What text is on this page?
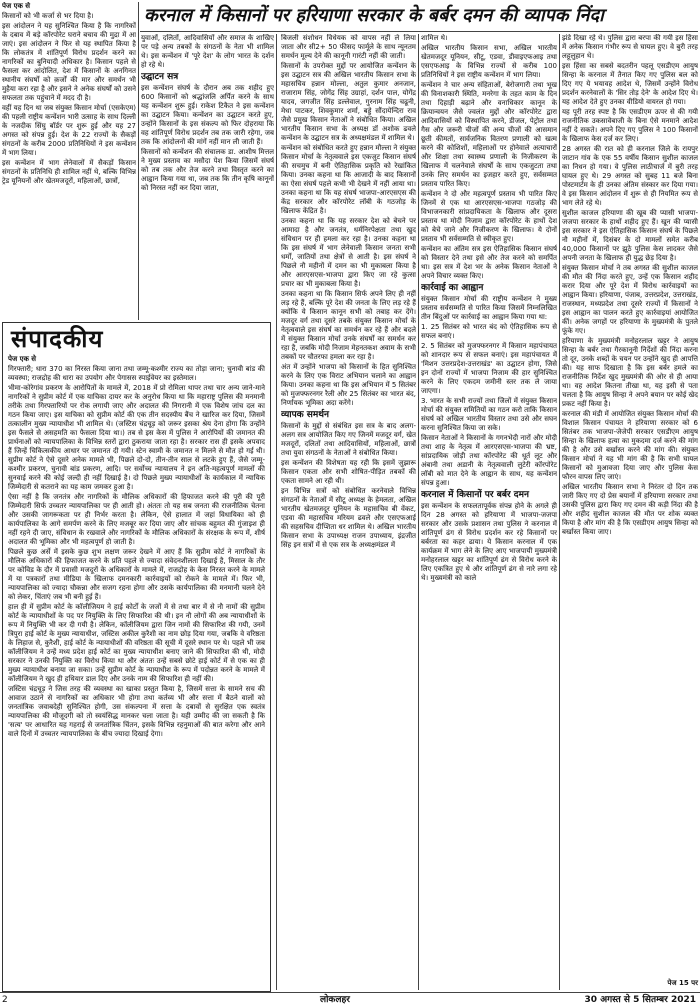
करनाल में किसानों पर हरियाणा सरकार के बर्बर दमन की व्यापक निंदा

पेज एक से

किसानों को भी कर्जा से भर दिया है।

इस आंदोलन ने यह सुनिश्चित किया है कि नागरिकों के दबाव में बड़े कॉरपोरेट घराने बचाव की मुद्रा में आ जाएं। इस आंदोलन ने फिर से यह स्थापित किया है कि लोकतंत्र में शांतिपूर्ण विरोध प्रदर्शन करने का नागरिकों का बुनियादी अधिकार है। किसान पहले से फैसला कर आंदोलित, देश में किसानों के अनगिनत स्थानीय संघर्षों को क़र्जों की मार और समर्थन भी मुहैया करा रहा है और इसने ने अनेक संघर्षों को उसने सफलता तक पहुंचाने में मदद दी है।

वहीं यह दिन था जब संयुक्त किसान मोर्चा (एसकेएम) की पहली राष्ट्रीय कन्वेंशन भारी उत्साह के साथ दिल्ली के नजदीक सिंघु बॉर्डर पर शुरू हुई और यह 27 अगस्त को संपन्न हुई। देश के 22 राज्यों के सैकड़ों संगठनों के करीब 2000 प्रतिनिधियों ने इस कन्वेंशन में भाग लिया।

इस कन्वेंशन में भाग लेनेवालों में सैकड़ों किसान संगठनों के प्रतिनिधि ही शामिल नहीं थे, बल्कि विभिन्न ट्रेड यूनियनों और खेतमजदूरों, महिलाओं, छात्रों,

युवाओं, दलितों, आदिवासियों और समाज के शाखिए पर पड़े अन्य तबकों के संगठनों के नेता भी शामिल थे। इस कन्वेंशन में 'पूरे देश' के लोग भारत के दर्शन हो रहे थे।

उद्घाटन सत्र

इस कन्वेंशन संघर्ष के दौरान अब तक शहीद हुए 600 किसानों को श्रद्धांजलि अर्पित करने के साथ यह कन्वेंशन शुरू हुई। राकेश टिकैत ने इस कन्वेंशन का उद्घाटन किया। कन्वेंशन का उद्घाटन करते हुए, उन्होंने किसानों के इस संकल्प को फिर दोहराया कि वह शांतिपूर्ण विरोध प्रदर्शन तब तक जारी रहेगा, जब तक कि आंदोलनों की मांगें नहीं मान ली जाती हैं।

किसानों को कन्वेंशन की संचालक डा. आशीष मित्तल ने मुख्य प्रस्ताव का मसौदा पेश किया जिसमें संघर्ष को तब तक और तेज करने तथा विस्तृत करने का आह्वान किया गया था, जब तक कि तीन कृषि कानूनों को निरस्त नहीं कर दिया जाता,

संपादकीय

पेज एक से

गिरफ्तारी; धारा 370 का निरस्त किया जाना तथा जम्मू-कश्मीर राज्य का तोड़ा जाना; चुनावी बांड की व्यवस्था; राजद्रोह की धारा का उपयोग और पेगासस स्पाईवेयर का इस्तेमाल।

भीमा-कोरेगांव प्रकरण के आरोपितों के मामले में, 2018 में प्रो रोमिला थापर तथा चार अन्य जाने-माने नागरिकों ने सुप्रीम कोर्ट में एक याचिका दायर कर के अनुरोध किया था कि महाराष्ट्र पुलिस की मनमानी तरीके तथा गिरफ्तारियों पर रोक लगायी जाए और अदालत की निगरानी में एक विशेष जांच दल का गठन किया जाए। इस याचिका को सुप्रीम कोर्ट की एक तीन सदस्यीय बैंच ने खारिज कर दिया, जिसमें तत्कालीन मुख्य न्यायाधीश भी शामिल थे। (जस्टिस चंद्रचूड़ को जरूर इसका श्रेय देना होगा कि उन्होंने इस फैसले से असहमति का फैसला दिया था।) तब से इस केस में पुलिस ने आरोपियों की जमानत की प्रार्थनाओं को न्यायपालिका के विभिन्न स्तरों द्वारा ठुकराया जाता रहा है। सरकार रास ही इसके अपवाद हैं जिन्हें चिकित्सकीय आधार पर जमानत दी गयी। स्टेन स्वामी के जमानत न मिलने से मौत हो गई थी। सुप्रीम कोर्ट ने ऐसे दूसरे अनेक मामले भी, पिछले दो-दो, तीन-तीन साल से लटके हुए हैं, जैसे जम्मू-कश्मीर प्रकरण, चुनावी बांड प्रकरण, आदि। पर सर्वोच्च न्यायालय ने इन अति-महत्वपूर्ण मामलों की सुनवाई करने की कोई जल्दी ही नहीं दिखाई है। दो पिछले मुख्य न्यायाधीशों के कार्यकाल में न्यायिक जिम्मेदारी से कतराने का यह काम जमकर हुआ है।

ऐसा नहीं है कि जनतंत्र और नागरिकों के मौलिक अधिकारों की हिफाजत करने की पूरी की पूरी जिम्मेदारी सिर्फ उच्चतर न्यायपालिका पर ही आती हो। अंततः तो यह सब जनता की राजनीतिक चेतना और उसकी जागरूकता पर ही निर्भर करता है। लेकिन, ऐसे हालात में जहां विधायिका को ही कार्यपालिका के आगे समर्पण करने के लिए मजबूर कर दिया जाए और सांचक बहुमत की गुंजाइश ही नहीं रहने दी जाए, संविधान के रखवाले और नागरिकों के मौलिक अधिकारों के संरक्षक के रूप में, शीर्ष अदालत की भूमिका और भी महत्वपूर्ण हो जाती है।

पिछले कुछ अर्से में इसके कुछ शुभ लक्षण जरूर देखने में आए हैं कि सुप्रीम कोर्ट ने नागरिकों के मौलिक अधिकारों की हिफाजत करने के प्रति पहले से ज्यादा संवेदनशीलता दिखाई है, मिसाल के तौर पर कोविड के दौर में प्रवासी मजदूरों के अधिकारों के मामले में, राजद्रोह के केस निरस्त करने के मामले में या पत्रकारों तथा मीडिया के खिलाफ दमनकारी कार्रवाइयों को रोकने के मामले में। फिर भी, न्यायपालिका को ज्यादा चौकन्ना और सजग रहना होगा और उसके कार्यपालिका की मनमानी चलने देने को लेकर, चिंताएं जब भी बनी हुई हैं।

हाल ही में सुप्रीम कोर्ट के कॉलीजियम ने हाई कोर्टों के जजों में से तथा बार में से नौ नामों की सुप्रीम कोर्ट के न्यायाधीशों के पद पर नियुक्ति के लिए सिफारिश की थी। इन नौ लोगों की अब न्यायाधीशों के रूप में नियुक्ति भी कर दी गयी है। लेकिन, कॉलीजियम द्वारा जिन नामों की सिफारिश की गयी, उनमें त्रिपुरा हाई कोर्ट के मुख्य न्यायाधीश, जस्टिस अकील कुरैशी का नाम छोड़ दिया गया, जबकि वे वरिष्ठता के लिहाज से, कुरैशी, हाई कोर्ट के न्यायाधीशों की वरिष्ठता की सूची में दूसरे स्थान पर थे। पहले भी जब कॉलीजियम ने उन्हें मध्य प्रदेश हाई कोर्ट का मुख्य न्यायाधीश बनाए जाने की सिफारिश की थी, मोदी सरकार ने उनकी नियुक्ति का विरोध किया था और अंततः उन्हें सबसे छोटे हाई कोर्ट में से एक का ही मुख्य न्यायाधीश बनाया जा सका। उन्हें सुप्रीम कोर्ट के न्यायाधीश के रूप में पदोन्नत करने के मामले में कॉलीजियम ने खुद ही हथियार डाल दिए और उनके नाम की सिफारिश ही नहीं की।

जस्टिस चंद्रचूड़ ने जिस तरह की व्यवस्था का खाका प्रस्तुत किया है, जिसमें सत्ता के सामने सच की आवाज उठाने से नागरिकों का अधिकार भी होगा तथा कर्तव्य भी और सत्ता में बैठने वालों को जनतांत्रिक जवाबदेही सुनिश्चित होगी, उस संकल्पना में सत्ता के दबावों से सुरक्षित एक स्वतंत्र न्यायपालिका की मौजूदगी को तो स्वयंसिद्ध मानकर चला जाता है। यही उम्मीद की जा सकती है कि 'सत्य' पर आधारित यह गहराई से जनतांत्रिक चिंतन, इसके विभिन्न रहनुमाओं की बात करेगा और आने वाले दिनों में उच्चतर न्यायपालिका के बीच ज्यादा दिखाई देगा।

बिजली संशोधन विधेयक को वापस नहीं ले लिया जाता और सी2+ 50 फीसद फार्मूले के साथ न्यूनतम समर्थन मूल्य देने की कानूनी गारंटी नहीं की जाती।

किसानों के उपरोक्त मुद्दों पर आयोजित कन्वेंशन के इस उद्घाटन सत्र की अखिल भारतीय किसान सभा के महासचिव हन्नान मोल्ला, अतुल कुमार अनजान, राजाराम सिंह, जोगेंद्र सिंह उग्राहां, दर्शन पाल, योगेंद्र यादव, जगजीत सिंह डल्लेवाल, गुरनाम सिंह चढूनी, मेधा पाटकर, शिवकुमार शर्मा, बड्डे सौंदायेन्दिरा राव जैसे प्रमुख किसान नेताओं ने संबोधित किया। अखिल भारतीय किसान सभा के अध्यक्ष डॉ अशोक ढवले कन्वेंशन के उद्घाटन सत्र के अध्यक्षमंडल में शामिल थे।

कन्वेंशन को संबोधित करते हुए हन्नान मौल्ला ने संयुक्त किसान मोर्चा के नेतृत्ववाले इस एकजुट किसान संघर्ष की सचमुच में बनी ऐतिहासिक प्रकृति को रेखांकित किया। उनका कहना था कि आजादी के बाद किसानों का ऐसा संघर्ष पहले कभी भी देखने में नहीं आया था। उनका कहना था कि यह संघर्ष भाजपा-आरएसएस की केंद्र सरकार और कॉरपोरेट लॉबी के गठजोड़ के खिलाफ केंद्रित है।

उनका कहना था कि यह सरकार देश को बेचने पर आमादा है और जनतंत्र, धर्मनिरपेक्षता तथा खुद संविधान पर ही हमला कर रहा है। उनका कहना था कि इस संघर्ष में भाग लेनेवाली किसान जनता सभी धर्मों, जातियों तथा क्षेत्रों से आती है। इस संघर्ष ने पिछले नौ महीनों में दमन का भी मुकाबला किया है और आरएसएस-भाजपा द्वारा किए जा रहे कुत्सा प्रचार का भी मुकाबला किया है।

उनका कहना था कि किसान सिर्फ अपने लिए ही नहीं लड़ रहे हैं, बल्कि पूरे देश की जनता के लिए लड़ रहे हैं क्योंकि ये किसान कानून सभी को तबाह कर देंगे। मजदूर वर्ग तथा दूसरे तबके संयुक्त किसान मोर्चा के नेतृत्ववाले इस संघर्ष का समर्थन कर रहे हैं और बदले में संयुक्त किसान मोर्चा उनके संघर्षों का समर्थन कर रहा है, जबकि मोदी निजाम मेहनतकश अवाम के सभी तबकों पर चौतरफा हमला कर रहा है।

अंत में उन्होंने भाजपा को किसानों के हित सुनिश्चित करने के लिए एक विराट अभियान चलाने का आह्वान किया। उनका कहना था कि इस अभियान में 5 सितंबर को मुजफ्फरनगर रैली और 25 सितंबर का भारत बंद, निर्णायक भूमिका अदा करेंगे।

व्यापक समर्थन

किसानों के मुद्दों से संबंधित इस सत्र के बाद अलग-अलग सत्र आयोजित किए गए जिनमें मजदूर वर्ग, खेत मजदूरों, दलितों तथा आदिवासियों, महिलाओं, छात्रों तथा युवा संगठनों के नेताओं ने संबोधित किया।

इस कन्वेंशन की विशेषता यह रही कि इसमें जुझारू किसान एकता और सभी शोषित-पीड़ित तबकों की एकता सामने आ रही थी।

इन विभिन्न सत्रों को संबोधित करनेवाले विभिन्न संगठनों के नेताओं में सीटू अध्यक्ष के हेमलता, अखिल भारतीय खेतमजदूर यूनियन के महासचिव बी वेंकट, एडवा की महासचिव मरियम ढवले और एसएफआई की सहसचिव दीप्शिता धर शामिल थे। अखिल भारतीय किसान सभा के उपाध्यक्ष राजन उपाध्याय, इंद्रजीत सिंह इन सत्रों में से एक सत्र के अध्यक्षमंडल में

शामिल थे।

अखिल भारतीय किसान सभा, अखिल भारतीय खेतमजदूर यूनियन, सीटू, एडवा, डीवाइएफआइ तथा एसएफआइ के विभिन्न राज्यों से करीब 100 प्रतिनिधियों ने इस राष्ट्रीय कन्वेंशन में भाग लिया।

कन्वेंशन ने चार अन्य संहिताओं, बेरोजगारी तथा भूख की विनाशकारी स्थिति, मनरेगा के तहत काम के दिन तथा दिहाड़ी बढ़ाने और वनाधिकार कानून के क्रियान्वयन जैसे ज्वलंत मुद्दों और कॉरपोरेट द्वारा आदिवासियों को विस्थापित करने, डीजल, पेट्रोल तथा गैस और जरूरी चीजों की अन्य चीजों की आसमान छूती कीमतों, सार्वजनिक वितरण प्रणाली को खत्म करने की कोशिशों, महिलाओं पर होनेवाले अत्याचारों और शिक्षा तथा स्वास्थ्य प्रणाली के निजीकरण के खिलाफ में चलनेवाले संघर्षों के साथ एकजुटता तथा उनके लिए समर्थन का इजहार करते हुए, सर्वसम्मत प्रस्ताव पारित किए।

कन्वेंशन ने दो और महत्वपूर्ण प्रस्ताव भी पारित किए जिनमें से एक था आरएसएस-भाजपा गठजोड़ की विभाजनकारी सांप्रदायिकता के खिलाफ और दूसरा प्रस्ताव था मोदी निजाम द्वारा कॉरपोरेट के हाथों देश को बेचे जाने और निजीकरण के खिलाफ। ये दोनों प्रस्ताव भी सर्वसम्मति से स्वीकृत हुए।

कन्वेंशन का अंतिम सत्र इस ऐतिहासिक किसान संघर्ष को विस्तार देने तथा इसे और तेज करने को समर्पित था। इस सत्र में देश भर के अनेक किसान नेताओं ने अपने विचार व्यक्त किए।

कार्रवाई का आह्वान

संयुक्त किसान मोर्चा की राष्ट्रीय कन्वेंशन ने मुख्य प्रस्ताव सर्वसम्मति से पारित किया जिसमें निम्नलिखित तीन बिंदुओं पर कार्रवाई का आह्वान किया गया था:

1. 25 सितंबर को भारत बंद को ऐतिहासिक रूप से सफल बनाएं।

2. 5 सितंबर को मुजफ्फरनगर में किसान महापंचायत को शानदार रूप से सफल बनाएं। इस महापंचायत में 'मिशन उत्तरप्रदेश-उत्तराखंड' का उद्घाटन होगा, जिसे इन दोनों राज्यों में भाजपा निजाम की हार सुनिश्चित करने के लिए एकदम जमीनी स्तर तक ले जाया जाएगा।

3. भारत के सभी राज्यों तथा जिलों में संयुक्त किसान मोर्चा की संयुक्त समितियों का गठन करो ताकि किसान संघर्ष को अखिल भारतीय विस्तार तथा उसे और सघन करना सुनिश्चित किया जा सके।

किसान नेताओं ने किसानों के गगनभेदी नारों और मोदी तथा शाह के नेतृत्व में आरएसएस-भाजपा की भ्रष्ट, सांप्रदायिक जोड़ी तथा कॉरपोरेट की धूर्त लूट और अंबानी तथा अडानी के नेतृत्ववाली लुटेरी कॉरपोरेट लॉबी को मात देने के आह्वान के साथ, यह कन्वेंशन संपन्न हुआ।

करनाल में किसानों पर बर्बर दमन

इस कन्वेंशन के सफलतापूर्वक संपन्न होने के अगले ही दिन 28 अगस्त को हरियाणा में भाजपा-जजपा सरकार और उसके प्रशासन तथा पुलिस ने करनाल में शांतिपूर्ण ढंग से विरोध प्रदर्शन कर रहे किसानों पर बर्बरता का कहर ढाया। ये किसान करनाल में एक कार्यक्रम में भाग लेने के लिए आए भाजपायी मुख्यमंत्री मनोहरलाल खट्टर का शांतिपूर्ण ढंग से विरोध करने के लिए एकत्रित हुए थे और शांतिपूर्ण ढंग से नारे लगा रहे थे। मुख्यमंत्री को काले

झंडे दिखा रहे थे। पुलिस द्वारा बरपा की गयी इस हिंसा में अनेक किसान गंभीर रूप से घायल हुए। वे बुरी तरह लहूलुहान थे।

इस हिंसा का सबसे बदतरीन पहलू एसडीएम आयुष सिन्हा के करनाल में तैनात किए गए पुलिस बल को दिए गए ये भयावह आदेश थे, जिसमें उन्होंने विरोध प्रदर्शन करनेवालों के 'सिर तोड़ देने' के आदेश दिए थे। यह आदेश देते हुए उनका वीडियो वायरल हो गया।

यह पूरी तरह स्पष्ट है कि एसडीएम ऊपर से की गयी राजनीतिक उकसावेबाजी के बिना ऐसे मनमाने आदेश नहीं दे सकते। अपने दिए गए पुलिस ने 100 किसानों के खिलाफ केस दर्ज कर लिए।

28 अगस्त की रात को ही करनाल जिले के रायपुर जाटान गांव के एक 55 वर्षीय किसान सुशील काजल का निधन हो गया। वे पुलिस लाठीचार्ज में बुरी तरह घायल हुए थे। 29 अगस्त को सुबह 11 बजे बिना पोस्टमार्टम के ही उनका अंतिम संस्कार कर दिया गया। वे इस किसान आंदोलन में शुरू से ही नियमित रूप से भाग लेते रहे थे।

सुशील काजल हरियाणा की खूब की प्यासी भाजपा-जजपा सरकार के हाथों शहीद हुए हैं। खून की प्यासी इस सरकार ने इस ऐतिहासिक किसान संघर्ष के पिछले नौ महीनों में, दिसंबर के दो मामलों समेत करीब 40,000 किसानों पर झूठे पुलिस केस लादकर जैसे अपनी जनता के खिलाफ ही युद्ध छेड़ दिया है।

संयुक्त किसान मोर्चा ने तब अगस्त की सुशील काजल की मौत की निंदा करते हुए, उन्हें एक किसान शहीद करार दिया और पूरे देश में विरोध कार्रवाइयों का आह्वान किया। हरियाणा, पंजाब, उत्तरप्रदेश, उत्तराखंड, राजस्थान, मध्यप्रदेश तथा दूसरे राज्यों में किसानों ने इस आह्वान का पालन करते हुए कार्रवाइयां आयोजित कीं। अनेक जगहों पर हरियाणा के मुख्यमंत्री के पुतले फूंके गए।

हरियाणा के मुख्यमंत्री मनोहरलाल खट्टर ने आयुष सिन्हा के बर्बर तथा गैरकानूनी निर्देशों की निंदा करना तो दूर, उनके शब्दों के चयन पर उन्होंने खुद ही आपत्ति की। यह साफ दिखाता है कि इस बर्बर हमले का राजनीतिक निर्देश खुद मुख्यमंत्री की ओर से ही आया था। वह आदेश कितना तीखा था, यह इसी से पता चलता है कि आयुष सिन्हा ने अपने बयान पर कोई खेद प्रकट नहीं किया है।

करनाल की मंडी में आयोजित संयुक्त किसान मोर्चा की विशाल किसान पंचायत ने हरियाणा सरकार को 6 सितंबर तक भाजपा-जेजेपी सरकार एसडीएम आयुष सिन्हा के खिलाफ हत्या का मुकदमा दर्ज करने की मांग की है और उसे बर्खास्त करने की मांग की। संयुक्त किसान मोर्चा ने यह भी मांग की है कि सभी घायल किसानों को मुआवजा दिया जाए और पुलिस केस फौरन वापस लिए जाएं।

अखिल भारतीय किसान सभा ने निरंतर दो दिन तक जारी किए गए दो प्रेस बयानों में हरियाणा सरकार तथा उसकी पुलिस द्वारा किए गए दमन की कड़ी निंदा की है और शहीद सुशील काजल की मौत पर शोक व्यक्त किया है और मांग की है कि एसडीएम आयुष सिन्हा को बर्खास्त किया जाए।

पेज 15 पर
2	लोकलहर	30 अगस्त से 5 सितम्बर 2021
